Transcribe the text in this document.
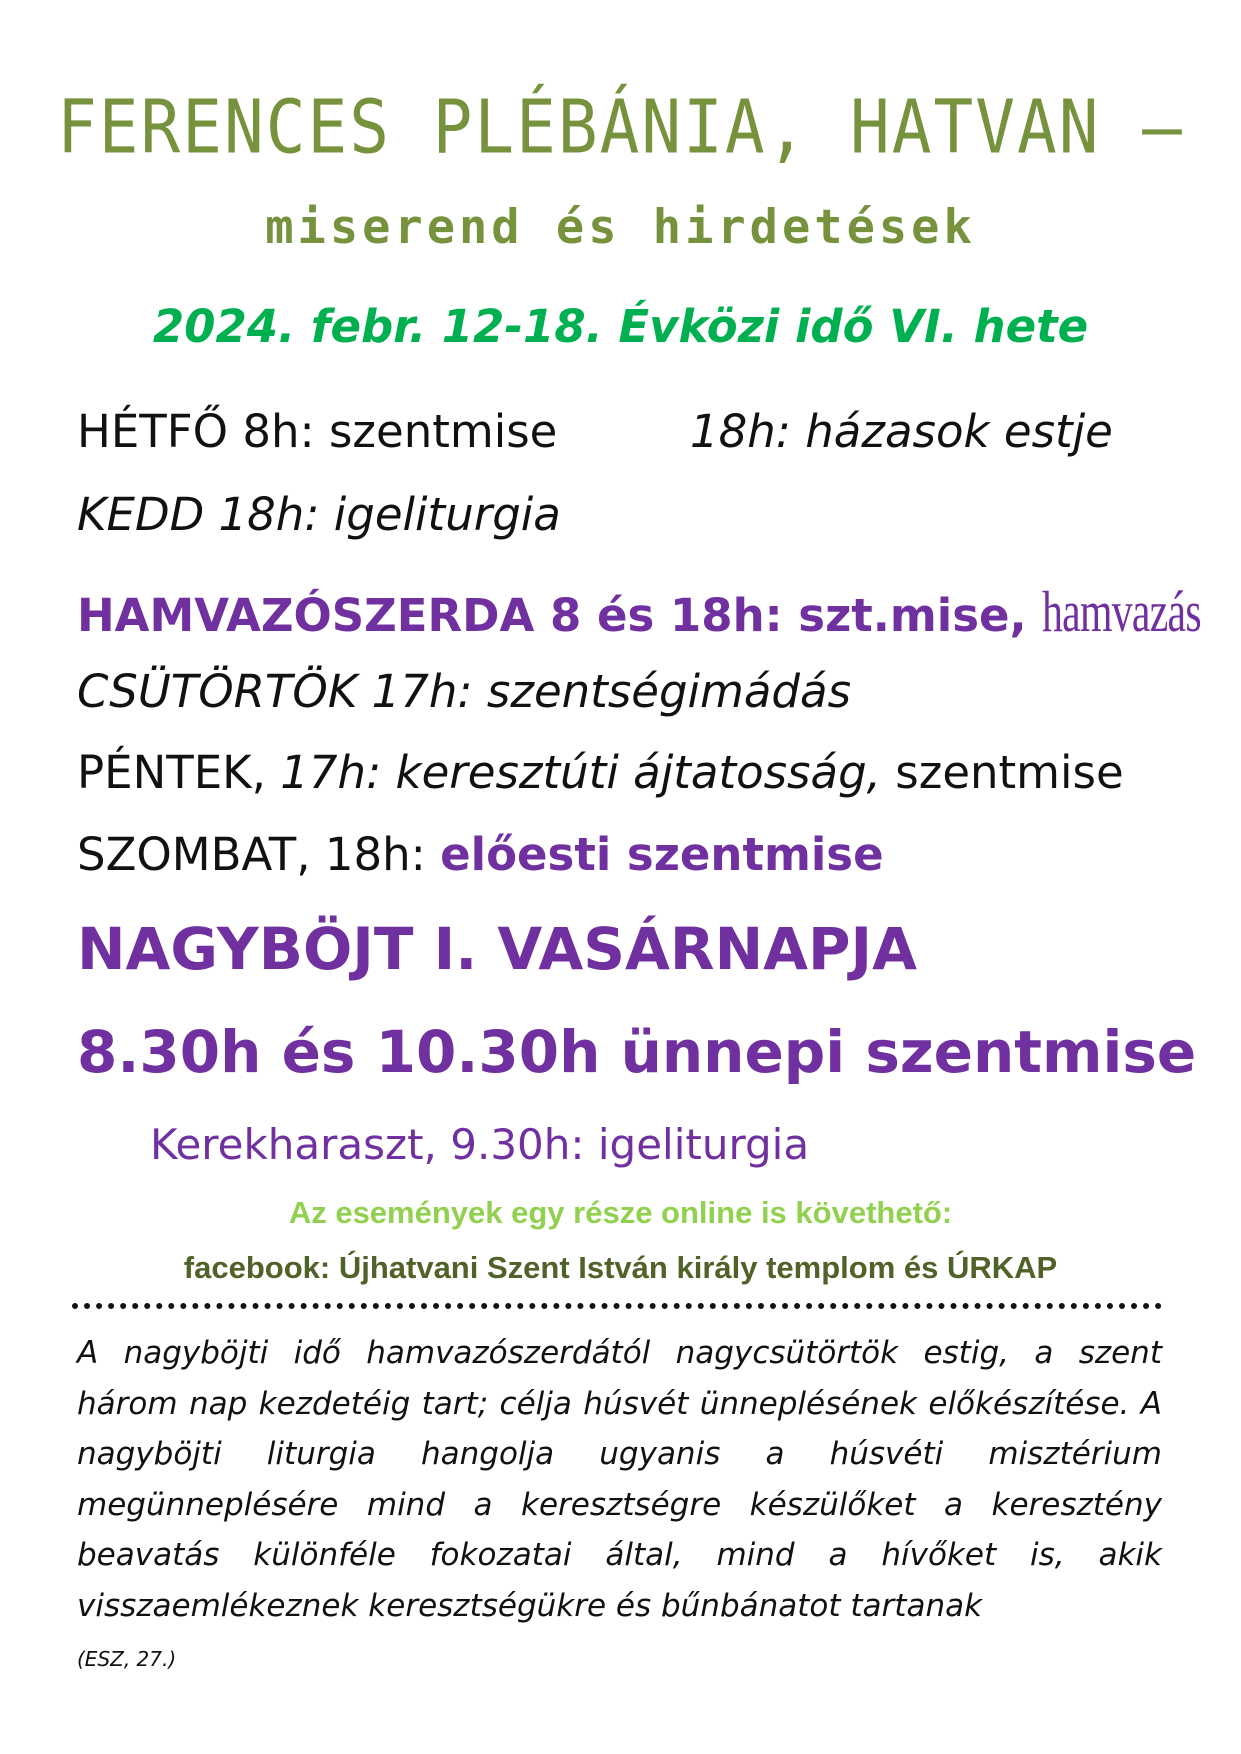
FERENCES PLÉBÁNIA, HATVAN –
miserend és hirdetések
2024. febr. 12-18. Évközi idő VI. hete
HÉTFŐ 8h: szentmise	18h: házasok estje
KEDD 18h: igeliturgia
HAMVAZÓSZERDA 8 és 18h: szt.mise, hamvazás
CSÜTÖRTÖK 17h: szentségimádás
PÉNTEK, 17h: keresztúti ájtatosság, szentmise
SZOMBAT, 18h: előesti szentmise
NAGYBÖJT I. VASÁRNAPJA
8.30h és 10.30h ünnepi szentmise
Kerekharaszt, 9.30h: igeliturgia
Az események egy része online is követhető:
facebook: Újhatvani Szent István király templom és ÚRKAP

A nagyböjti idő hamvazószerdától nagycsütörtök estig, a szent három nap kezdetéig tart; célja húsvét ünneplésének előkészítése. A nagyböjti liturgia hangolja ugyanis a húsvéti misztérium megünneplésére mind a keresztségre készülőket a keresztény beavatás különféle fokozatai által, mind a hívőket is, akik visszaemlékeznek keresztségükre és bűnbánatot tartanak
(ESZ, 27.)
